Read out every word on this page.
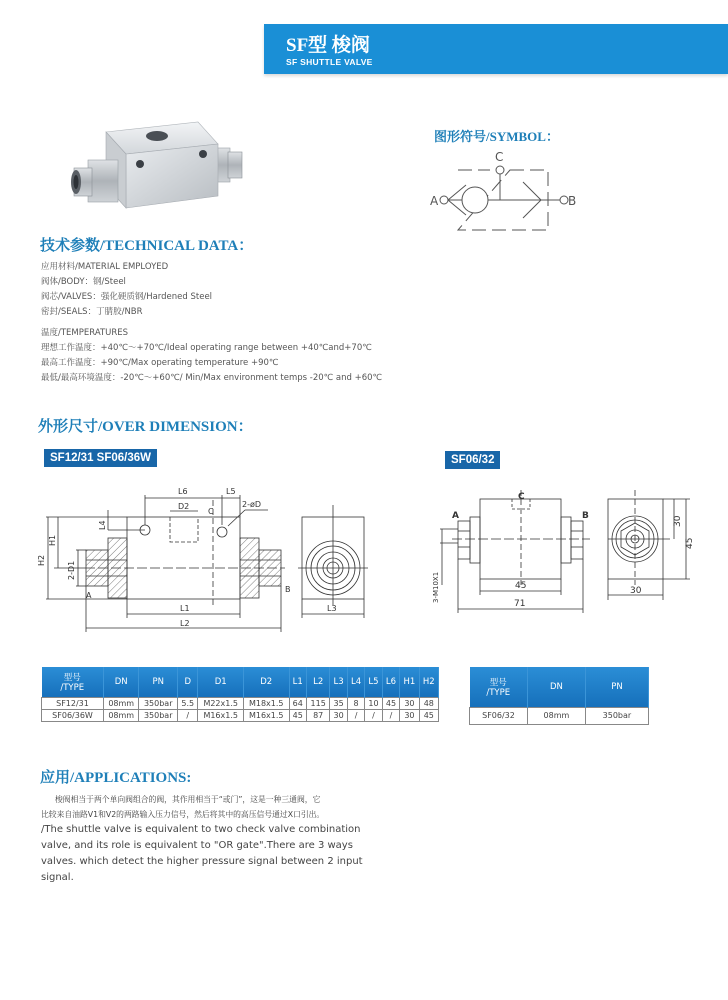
SF型 梭阀
SF SHUTTLE VALVE
图形符号/SYMBOL：
A	B
C
技术参数/TECHNICAL DATA：
应用材料/MATERIAL EMPLOYED
阀体/BODY：钢/Steel
阀芯/VALVES：强化硬质钢/Hardened Steel
密封/SEALS：丁腈胶/NBR
温度/TEMPERATURES
理想工作温度：+40℃～+70℃/Ideal operating range between +40℃and+70℃
最高工作温度：+90℃/Max operating temperature +90℃
最低/最高环境温度：-20℃～+60℃/ Min/Max environment temps -20℃ and +60℃
外形尺寸/OVER DIMENSION：
SF12/31 SF06/36W	SF06/32
L6	L5
D2
C
2-øD
A
B
L1
L2
L3
H2
H1
2-D1
L4
C
A	B
45
71
30
3-M10X1
30
45
型号
/TYPE	DN	PN	D	D1	D2	L1	L2	L3	L4	L5	L6	H1	H2
SF12/31	08mm	350bar	5.5	M22x1.5	M18x1.5	64	115	35	8	10	45	30	48
SF06/36W	08mm	350bar	/	M16x1.5	M16x1.5	45	87	30	/	/	/	30	45
型号
/TYPE	DN	PN
SF06/32	08mm	350bar
应用/APPLICATIONS:
梭阀相当于两个单向阀组合的阀，其作用相当于“或门”，这是一种三通阀，它
比较来自油路V1和V2的两路输入压力信号，然后将其中的高压信号通过X口引出。
/The shuttle valve is equivalent to two check valve combination
valve, and its role is equivalent to "OR gate".There are 3 ways
valves. which detect the higher pressure signal between 2 input
signal.
